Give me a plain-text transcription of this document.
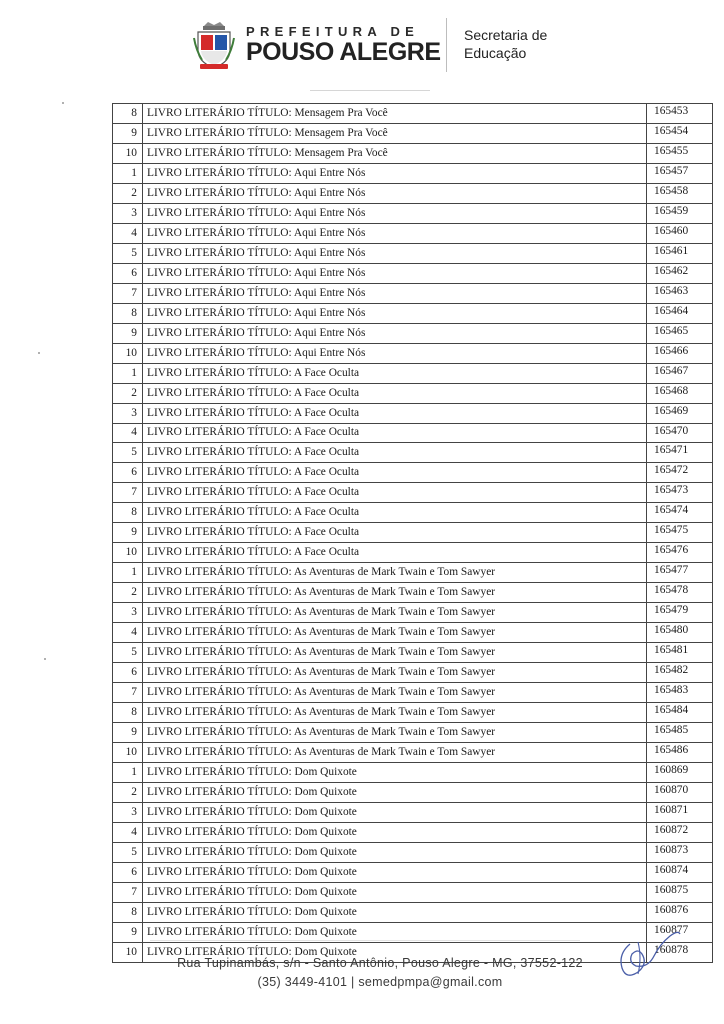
PREFEITURA DE
POUSO ALEGRE
Secretaria de
Educação
8	LIVRO LITERÁRIO TÍTULO: Mensagem Pra Você	165453
9	LIVRO LITERÁRIO TÍTULO: Mensagem Pra Você	165454
10	LIVRO LITERÁRIO TÍTULO: Mensagem Pra Você	165455
1	LIVRO LITERÁRIO TÍTULO: Aqui Entre Nós	165457
2	LIVRO LITERÁRIO TÍTULO: Aqui Entre Nós	165458
3	LIVRO LITERÁRIO TÍTULO: Aqui Entre Nós	165459
4	LIVRO LITERÁRIO TÍTULO: Aqui Entre Nós	165460
5	LIVRO LITERÁRIO TÍTULO: Aqui Entre Nós	165461
6	LIVRO LITERÁRIO TÍTULO: Aqui Entre Nós	165462
7	LIVRO LITERÁRIO TÍTULO: Aqui Entre Nós	165463
8	LIVRO LITERÁRIO TÍTULO: Aqui Entre Nós	165464
9	LIVRO LITERÁRIO TÍTULO: Aqui Entre Nós	165465
10	LIVRO LITERÁRIO TÍTULO: Aqui Entre Nós	165466
1	LIVRO LITERÁRIO TÍTULO: A Face Oculta	165467
2	LIVRO LITERÁRIO TÍTULO: A Face Oculta	165468
3	LIVRO LITERÁRIO TÍTULO: A Face Oculta	165469
4	LIVRO LITERÁRIO TÍTULO: A Face Oculta	165470
5	LIVRO LITERÁRIO TÍTULO: A Face Oculta	165471
6	LIVRO LITERÁRIO TÍTULO: A Face Oculta	165472
7	LIVRO LITERÁRIO TÍTULO: A Face Oculta	165473
8	LIVRO LITERÁRIO TÍTULO: A Face Oculta	165474
9	LIVRO LITERÁRIO TÍTULO: A Face Oculta	165475
10	LIVRO LITERÁRIO TÍTULO: A Face Oculta	165476
1	LIVRO LITERÁRIO TÍTULO: As Aventuras de Mark Twain e Tom Sawyer	165477
2	LIVRO LITERÁRIO TÍTULO: As Aventuras de Mark Twain e Tom Sawyer	165478
3	LIVRO LITERÁRIO TÍTULO: As Aventuras de Mark Twain e Tom Sawyer	165479
4	LIVRO LITERÁRIO TÍTULO: As Aventuras de Mark Twain e Tom Sawyer	165480
5	LIVRO LITERÁRIO TÍTULO: As Aventuras de Mark Twain e Tom Sawyer	165481
6	LIVRO LITERÁRIO TÍTULO: As Aventuras de Mark Twain e Tom Sawyer	165482
7	LIVRO LITERÁRIO TÍTULO: As Aventuras de Mark Twain e Tom Sawyer	165483
8	LIVRO LITERÁRIO TÍTULO: As Aventuras de Mark Twain e Tom Sawyer	165484
9	LIVRO LITERÁRIO TÍTULO: As Aventuras de Mark Twain e Tom Sawyer	165485
10	LIVRO LITERÁRIO TÍTULO: As Aventuras de Mark Twain e Tom Sawyer	165486
1	LIVRO LITERÁRIO TÍTULO: Dom Quixote	160869
2	LIVRO LITERÁRIO TÍTULO: Dom Quixote	160870
3	LIVRO LITERÁRIO TÍTULO: Dom Quixote	160871
4	LIVRO LITERÁRIO TÍTULO: Dom Quixote	160872
5	LIVRO LITERÁRIO TÍTULO: Dom Quixote	160873
6	LIVRO LITERÁRIO TÍTULO: Dom Quixote	160874
7	LIVRO LITERÁRIO TÍTULO: Dom Quixote	160875
8	LIVRO LITERÁRIO TÍTULO: Dom Quixote	160876
9	LIVRO LITERÁRIO TÍTULO: Dom Quixote	160877
10	LIVRO LITERÁRIO TÍTULO: Dom Quixote	160878
Rua Tupinambás, s/n - Santo Antônio, Pouso Alegre - MG, 37552-122
(35) 3449-4101 | semedpmpa@gmail.com
